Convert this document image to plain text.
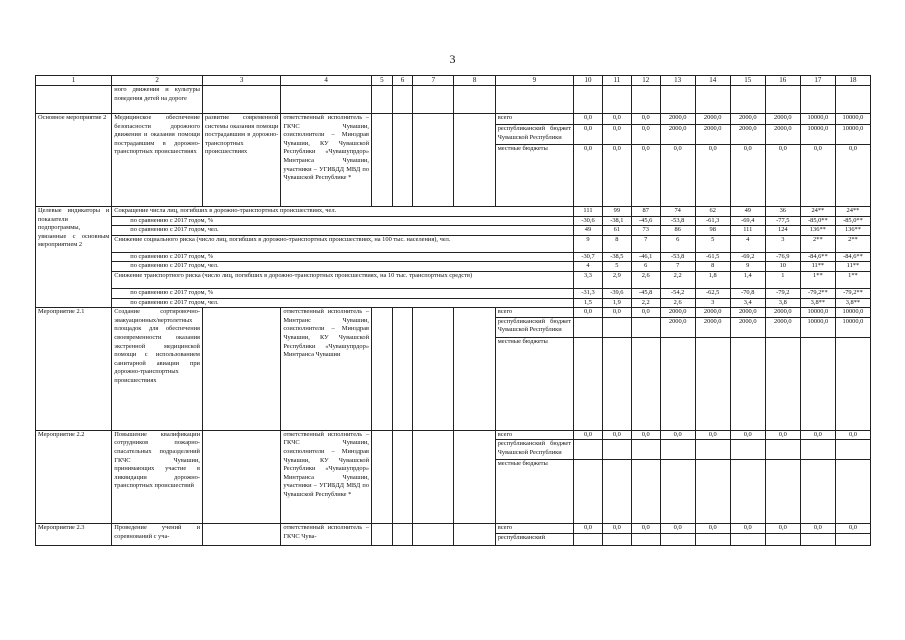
3
1	2	3	4	5	6	7	8	9	10	11	12	13	14	15	16	17	18
	ного движения и культуры поведения детей на дороге																
Основное мероприятие 2	Медицинское обеспечение безопасности дорожного движения и оказания помощи пострадавшим в дорожно-транспортных происшествиях	развитие современной системы оказания помощи пострадавшим в дорожно-транспортных происшествиях	ответственный исполнитель – ГКЧС Чувашии, соисполнители – Минздрав Чувашии, КУ Чувашской Республики «Чувашупрдор» Минтранса Чувашии, участники – УГИБДД МВД по Чувашской Республике *					всего	0,0	0,0	0,0	2000,0	2000,0	2000,0	2000,0	10000,0	10000,0
								республиканский бюджет Чувашской Республики	0,0	0,0	0,0	2000,0	2000,0	2000,0	2000,0	10000,0	10000,0
								местные бюджеты	0,0	0,0	0,0	0,0	0,0	0,0	0,0	0,0	0,0
Целевые индикаторы и показатели подпрограммы, увязанные с основным мероприятием 2	Сокращение числа лиц, погибших в дорожно-транспортных происшествиях, чел.								111	99	87	74	62	49	36	24**	24**
	по сравнению с 2017 годом, %								-30,6	-38,1	-45,6	-53,8	-61,3	-69,4	-77,5	-85,0**	-85,0**
	по сравнению с 2017 годом, чел.								49	61	73	86	98	111	124	136**	136**
	Снижение социального риска (число лиц, погибших в дорожно-транспортных происшествиях, на 100 тыс. населения), чел.								9	8	7	6	5	4	3	2**	2**
	по сравнению с 2017 годом, %								-30,7	-38,5	-46,1	-53,8	-61,5	-69,2	-76,9	-84,6**	-84,6**
	по сравнению с 2017 годом, чел.								4	5	6	7	8	9	10	11**	11**
	Снижение транспортного риска (число лиц, погибших в дорожно-транспортных происшествиях, на 10 тыс. транспортных средств)								3,3	2,9	2,6	2,2	1,8	1,4	1	1**	1**
	по сравнению с 2017 годом, %								-31,3	-39,6	-45,8	-54,2	-62,5	-70,8	-79,2	-79,2**	-79,2**
	по сравнению с 2017 годом, чел.								1,5	1,9	2,2	2,6	3	3,4	3,8	3,8**	3,8**
Мероприятие 2.1	Создание сортировочно-эвакуационных/вертолетных площадок для обеспечения своевременности оказания экстренной медицинской помощи с использованием санитарной авиации при дорожно-транспортных происшествиях		ответственный исполнитель – Минтранс Чувашии, соисполнители – Минздрав Чувашии, КУ Чувашской Республики «Чувашупрдор» Минтранса Чувашии					всего	0,0	0,0	0,0	2000,0	2000,0	2000,0	2000,0	10000,0	10000,0
								республиканский бюджет Чувашской Республики				2000,0	2000,0	2000,0	2000,0	10000,0	10000,0
								местные бюджеты									
Мероприятие 2.2	Повышение квалификации сотрудников пожарно-спасательных подразделений ГКЧС Чувашии, принимающих участие в ликвидации дорожно-транспортных происшествий		ответственный исполнитель – ГКЧС Чувашии, соисполнители – Минздрав Чувашии, КУ Чувашской Республики «Чувашупрдор» Минтранса Чувашии, участники – УГИБДД МВД по Чувашской Республике *					всего	0,0	0,0	0,0	0,0	0,0	0,0	0,0	0,0	0,0
								республиканский бюджет Чувашской Республики									
								местные бюджеты									
Мероприятие 2.3	Проведение учений и соревнований с уча-		ответственный исполнитель – ГКЧС Чува-					всего	0,0	0,0	0,0	0,0	0,0	0,0	0,0	0,0	0,0
								республиканский									
